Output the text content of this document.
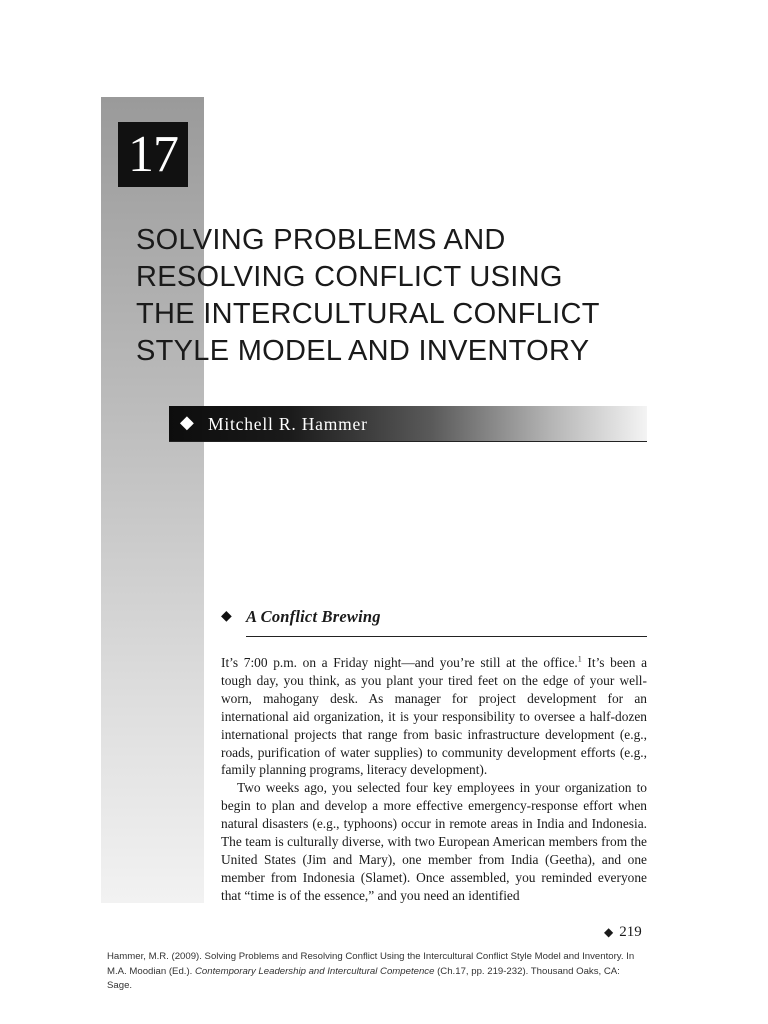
17
SOLVING PROBLEMS AND
RESOLVING CONFLICT USING
THE INTERCULTURAL CONFLICT
STYLE MODEL AND INVENTORY
◆ Mitchell R. Hammer
◆ A Conflict Brewing

It’s 7:00 p.m. on a Friday night—and you’re still at the office.$^1$ It’s been a tough day, you think, as you plant your tired feet on the edge of your well-worn, mahogany desk. As manager for project development for an international aid organization, it is your responsibility to oversee a half-dozen international projects that range from basic infrastructure development (e.g., roads, purification of water supplies) to community development efforts (e.g., family planning programs, literacy development).

Two weeks ago, you selected four key employees in your organization to begin to plan and develop a more effective emergency-response effort when natural disasters (e.g., typhoons) occur in remote areas in India and Indonesia. The team is culturally diverse, with two European American members from the United States (Jim and Mary), one member from India (Geetha), and one member from Indonesia (Slamet). Once assembled, you reminded everyone that “time is of the essence,” and you need an identified

◆ 219
Hammer, M.R. (2009). Solving Problems and Resolving Conflict Using the Intercultural Conflict Style Model and Inventory. In M.A. Moodian (Ed.). Contemporary Leadership and Intercultural Competence (Ch.17, pp. 219-232). Thousand Oaks, CA: Sage.
